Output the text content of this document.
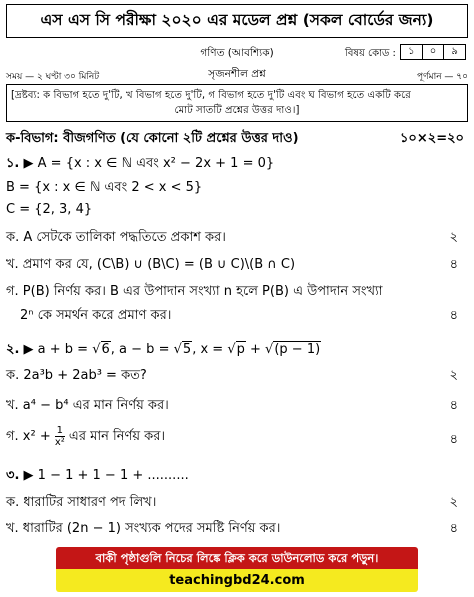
এস এস সি পরীক্ষা ২০২০ এর মডেল প্রশ্ন (সকল বোর্ডের জন্য)
গণিত (আবশ্যিক)	বিষয় কোড :	১	০	৯
সময় — ২ ঘণ্টা ৩০ মিনিট	সৃজনশীল প্রশ্ন	পূর্ণমান — ৭০
[দ্রষ্টব্য: ক বিভাগ হতে দু'টি, খ বিভাগ হতে দু'টি, গ বিভাগ হতে দু'টি এবং ঘ বিভাগ হতে একটি করে
মোট সাতটি প্রশ্নের উত্তর দাও।]
ক-বিভাগ: বীজগণিত (যে কোনো ২টি প্রশ্নের উত্তর দাও)	১০×২=২০
১. ▶ A = {x : x ∈ ℕ এবং x² − 2x + 1 = 0}
B = {x : x ∈ ℕ এবং 2 < x < 5}
C = {2, 3, 4}
ক. A সেটকে তালিকা পদ্ধতিতে প্রকাশ কর।	২
খ. প্রমাণ কর যে, (C\B) ∪ (B\C) = (B ∪ C)\(B ∩ C)	৪
গ. P(B) নির্ণয় কর। B এর উপাদান সংখ্যা n হলে P(B) এ উপাদান সংখ্যা
2ⁿ কে সমর্থন করে প্রমাণ কর।	৪
২. ▶ a + b = √6, a − b = √5, x = √p + √(p − 1)
ক. 2a³b + 2ab³ = কত?	২
খ. a⁴ − b⁴ এর মান নির্ণয় কর।	৪
গ. $x^2 + \frac{1}{\text{x²}}$ এর মান নির্ণয় কর।	৪
৩. ▶ 1 − 1 + 1 − 1 + ..........
ক. ধারাটির সাধারণ পদ লিখ।	২
খ. ধারাটির (2n − 1) সংখ্যক পদের সমষ্টি নির্ণয় কর।	৪
বাকী পৃষ্ঠাগুলি নিচের লিঙ্কে ক্লিক করে ডাউনলোড করে পড়ুন।
teachingbd24.com
